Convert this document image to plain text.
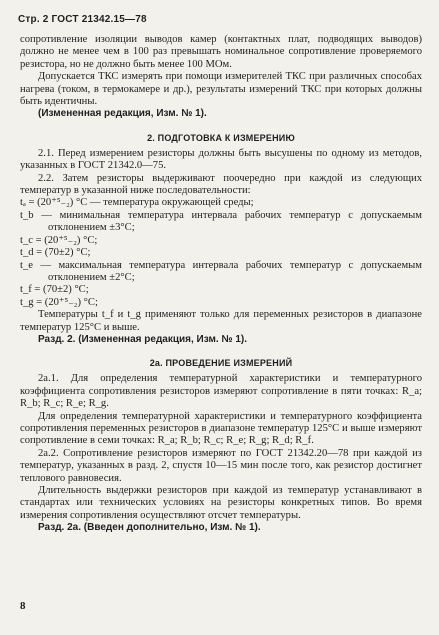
Стр. 2 ГОСТ 21342.15—78

сопротивление изоляции выводов камер (контактных плат, подводящих выводов) должно не менее чем в 100 раз превышать номинальное сопротивление проверяемого резистора, но не должно быть менее 100 МОм.

Допускается ТКС измерять при помощи измерителей ТКС при различных способах нагрева (током, в термокамере и др.), результаты измерений ТКС при которых должны быть идентичны.

(Измененная редакция, Изм. № 1).

2. ПОДГОТОВКА К ИЗМЕРЕНИЮ

2.1. Перед измерением резисторы должны быть высушены по одному из методов, указанных в ГОСТ 21342.0—75.

2.2. Затем резисторы выдерживают поочередно при каждой из следующих температур в указанной ниже последовательности:

tₐ = (20⁺⁵₋₂) °С — температура окружающей среды;

t_b — минимальная температура интервала рабочих температур с допускаемым отклонением ±3°С;

t_c = (20⁺⁵₋₂) °С;

t_d = (70±2) °С;

t_e — максимальная температура интервала рабочих температур с допускаемым отклонением ±2°С;

t_f = (70±2) °С;

t_g = (20⁺⁵₋₂) °С;

Температуры t_f и t_g применяют только для переменных резисторов в диапазоне температур 125°С и выше.

Разд. 2. (Измененная редакция, Изм. № 1).

2а. ПРОВЕДЕНИЕ ИЗМЕРЕНИЙ

2а.1. Для определения температурной характеристики и температурного коэффициента сопротивления резисторов измеряют сопротивление в пяти точках: R_a; R_b; R_c; R_e; R_g.

Для определения температурной характеристики и температурного коэффициента сопротивления переменных резисторов в диапазоне температур 125°С и выше измеряют сопротивление в семи точках: R_a; R_b; R_c; R_e; R_g; R_d; R_f.

2а.2. Сопротивление резисторов измеряют по ГОСТ 21342.20—78 при каждой из температур, указанных в разд. 2, спустя 10—15 мин после того, как резистор достигнет теплового равновесия.

Длительность выдержки резисторов при каждой из температур устанавливают в стандартах или технических условиях на резисторы конкретных типов. Во время измерения сопротивления осуществляют отсчет температуры.

Разд. 2а. (Введен дополнительно, Изм. № 1).

8
